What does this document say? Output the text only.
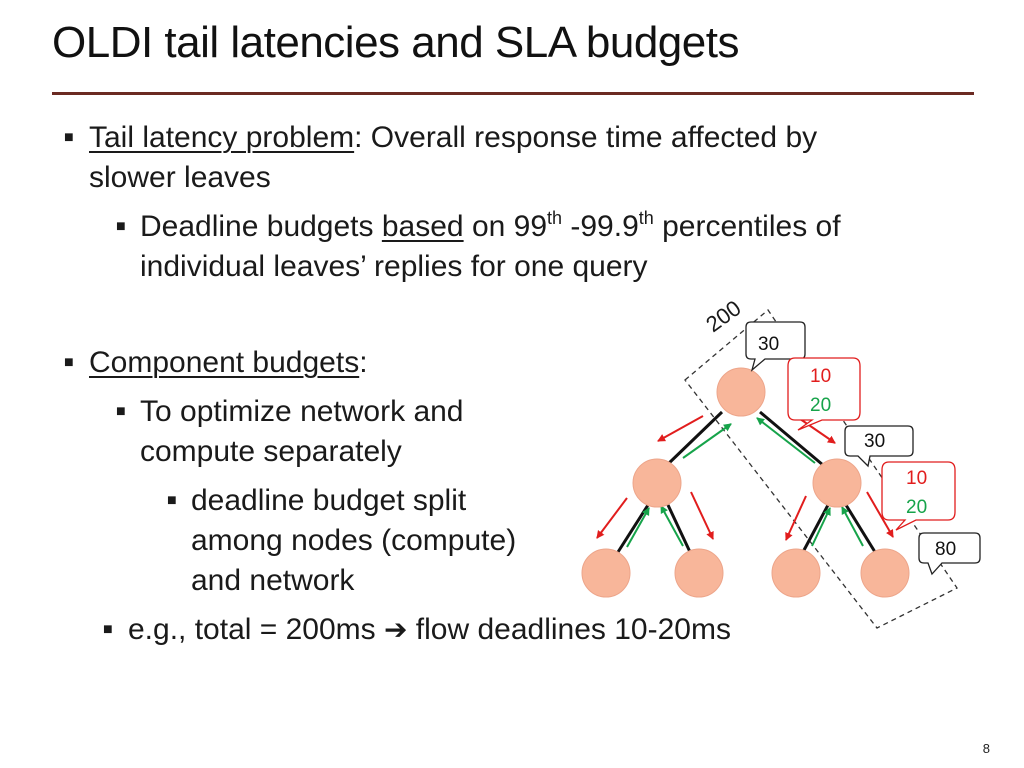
OLDI tail latencies and SLA budgets
■ Tail latency problem: Overall response time affected by
slower leaves
■ Deadline budgets based on 99th -99.9th percentiles of
individual leaves’ replies for one query
■ Component budgets:
■ To optimize network and
compute separately
■ deadline budget split
among nodes (compute)
and network
■ e.g., total = 200ms ➔ flow deadlines 10-20ms
200
30
10
20
30
10
20
80
8
